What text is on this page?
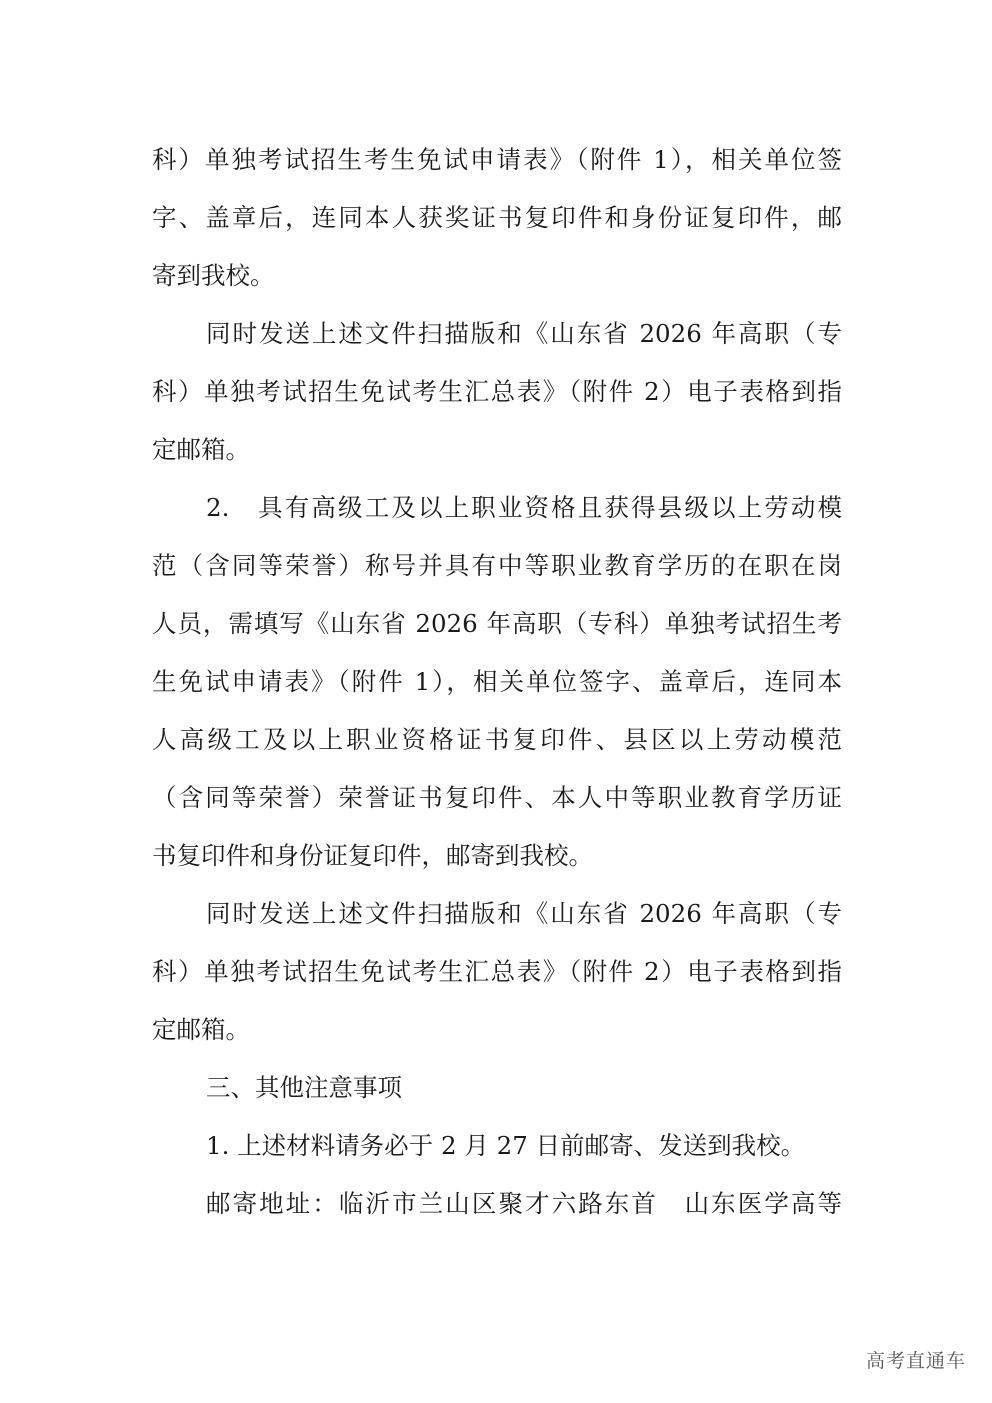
科）单独考试招生考生免试申请表》（附件 1），相关单位签
字、盖章后，连同本人获奖证书复印件和身份证复印件，邮
寄到我校。
同时发送上述文件扫描版和《山东省 2026 年高职（专
科）单独考试招生免试考生汇总表》（附件 2）电子表格到指
定邮箱。
2.　具有高级工及以上职业资格且获得县级以上劳动模
范（含同等荣誉）称号并具有中等职业教育学历的在职在岗
人员，需填写《山东省 2026 年高职（专科）单独考试招生考
生免试申请表》（附件 1），相关单位签字、盖章后，连同本
人高级工及以上职业资格证书复印件、县区以上劳动模范
（含同等荣誉）荣誉证书复印件、本人中等职业教育学历证
书复印件和身份证复印件，邮寄到我校。
同时发送上述文件扫描版和《山东省 2026 年高职（专
科）单独考试招生免试考生汇总表》（附件 2）电子表格到指
定邮箱。
三、其他注意事项
1. 上述材料请务必于 2 月 27 日前邮寄、发送到我校。
邮寄地址：临沂市兰山区聚才六路东首　山东医学高等
高考直通车
